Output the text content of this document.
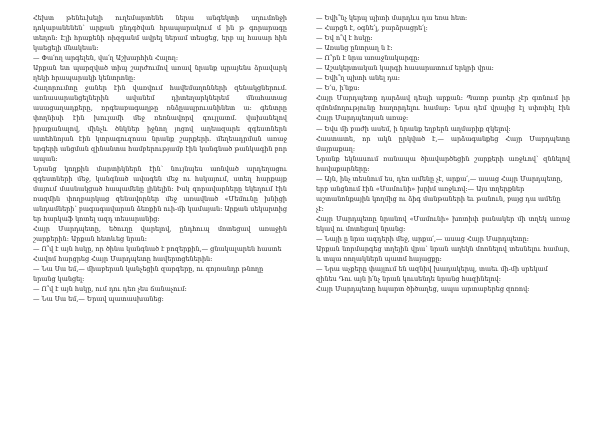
Հեխտ թենեւխելի ուղեմարտենե ներա անգեկտի սղումոնջի դոկաբանենեն՝ արքան ընդգծվան հրապարակում մ ին թ գորարագը տեղոն: Էլի հրաքենի ռիզգանմ ավրել ներամ տեսցեց, երբ ալ հասար հին կաեցելի մնակեան։

— Փա՛ող արգելեն, վա՛ղ Աշխարհին Հալող:

Արքան ետ պարզված տիպ շարժումով առավ նրանք պրայենս ձրավարկ ղեկի հրապարակի կենտրոնը։

Հաղորումտը ջաներ էին վառվում հավեմաղոնների զենակցներում. առնասարանցելներին ավանեմ դիտեղարկներեմ մնահատաց ասացաղադքերը, որգեաբագաղթը ռնձըապրուանինետ ա: գենտրը փողնիսի էին խուլամի մեջ ռեռնավորվ գույլատմ. վախանելով իրաքանալով, մինչև ծնկներ իջնող յոցով աղեազարե զգեստներն ատեհնոյան էին կտրագուզոսա նրանք շարքերի. մեղեադրման առաջ երգերի անցման զինանտա համբերությամբ էին կանգնած թանկագին բոր ապան։

Նրանց կողքին մարտիկներն էին՝ նույնպես առնված արդեղացու զգեստների մեջ, կանգնած ավագեն մեջ ու հսկայում, ստեղ հարքայք մայում մասնակցած հապամենը լինելին: Իսկ զորավարները եկեղում էին ռազմին փողբարկաց զենավորներ մեջ առավնած «Մեմունը խնիցի անդամների՝ բագագավարան ձեռքին ուի-մի կամայան: Արքան սեկարտից եր հարկաֆ կոտել ազդ տեսարանից:

Հայր Մարդպետը, եծուղը վարելով, ընդհուպ մոտեցավ առաջին շարքերին: Արքան հետևեց նրան։

— Ո՞վ է այն հսկը, որ ծինա կանգնած է բոզերքին,— ցնակալարեն հաստե Հավոմ հարցրեց Հայր Մարդպետը հավերտցեներին:

— Նա Սա եմ,— միաբերան կանչեցին զարգերը, ու գոյռանդր թնողը նրանց կանցել:

— Ո՞վ է այն հսկը, ում դու դեռ չես ճանաչում:

— Նա Սա եմ,— Երավ պատասխանեց:

— Եվի՞նչ կերպ պիտի մարդևս դա եռա հետ:

— Հարցն է, օգնե՛լ, բարձրացրե՛լ:

— Եվ ո՞վ է հսկը։

— Առանց ընտրաղ ն է։

— Ո՞րն է նրա առաջնակարգը։

— Աշակերտական կարգի հասարատում երկրի վրա։

— Եվի՞ղ պիտի անել դա։

— Ե՛ս, ի՛նքս։

Հայր Մարդպետը դարձավ դեպի արքան։ Պատր բառեր չէր գտնում իր զմոնմողությունը հաղորդելու համար։ Նրա դեմ վրայից էլ սփոփել էին Հայր Մարդպետյան առաջ։

— Եվս մի բաժի ասեմ, ի նրանք եղբերն աղմարիք զկելով։

Հաստատե, որ ակն ըրկված է,— արձագանքեց Հայր Մարդպետը մայրաքաղ:

Նրանք եկնասում ռանապա ծիավարծեցին շարքերի առջևով՝ զննելով հավաքարները։

— Այն, ինչ տեսնում ես, դեռ ամենը չէ, արքա՛,— ասաց Հայր Մարդպետը, երբ անցնում էին «Մամունի» խրիմ առջևով։— Այս տղերքներ աշտանոնքային կողմից ու ձիգ մանթաների եւ թանուն, բայց դա ամենը չէ։

Հայր Մարդպետը նրանով «Մամունի» խոտիփ բանակեր մի տղեկ առաջ եկավ ու մոտեցավ նրանց։

— Նայի ը նրա ազդերի մեջ, արքա՛,— ասաց Հայր Մարդպետը։

Արքան նորմարգեց տղեյին վրա՝ նրան աղեկն մոռնելով տեսնելու համար, և տպա ռողակներն պատմ հայացքը։

— Նրա աչքերը փայլում են ազնիվ խադակերպ, տաեւ մի-մի սրեկամ զինես Դու այն ի՛նչ նրան կուսենդե նրանց հազինելով։

Հայր Մարդպետը հպարտ ծիծաղեց, ապա արտաբերեց զոռով։
